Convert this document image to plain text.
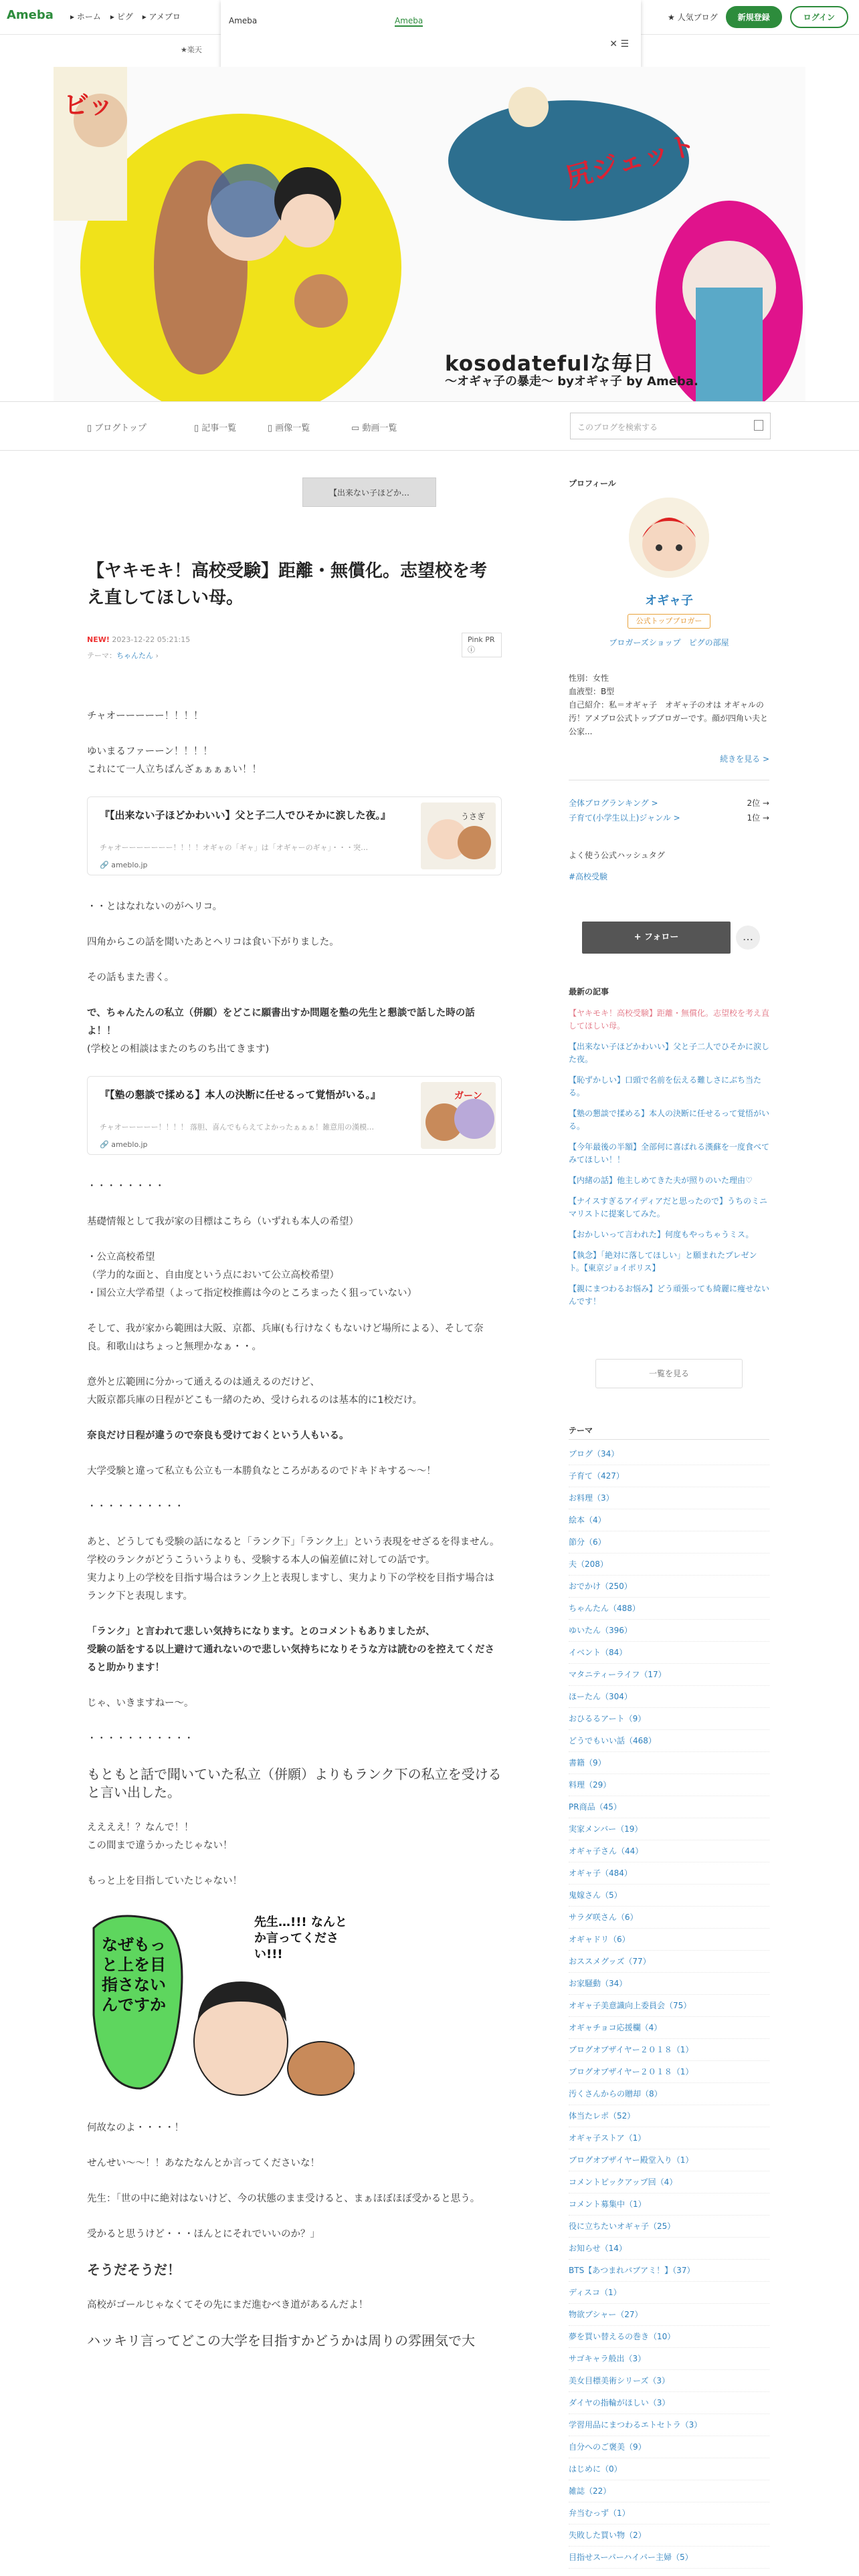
Ameba ▸ ホーム ▸ ピグ ▸ アメブロ	★ 人気ブログ	新規登録	ログイン
★楽天
Ameba	Ameba
✕ ☰
尻ジェット
ビッ
kosodatefulな毎日
～オギャ子の暴走～ byオギャ子 by Ameba.
▯ ブログトップ	▯ 記事一覧	▯ 画像一覧	▭ 動画一覧	このブログを検索する
【出来ない子ほどか…
【ヤキモキ！高校受験】距離・無償化。志望校を考え直してほしい母。
NEW! 2023-12-22 05:21:15	Pink PR ⓘ
テーマ：ちゃんたん ›

チャオーーーーー！！！！

ゆいまるファーーン！！！！
これにて一人立ちばんざぁぁぁぁい！！

『【出来ない子ほどかわいい】父と子二人でひそかに涙した夜。』
チャオーーーーーーー！！！！オギャの「ギャ」は「オギャーのギャ」・・・突…
🔗 ameblo.jp
うさぎ

・・とはなれないのがヘリコ。

四角からこの話を聞いたあとヘリコは食い下がりました。

その話もまた書く。

で、ちゃんたんの私立（併願）をどこに願書出すか問題を塾の先生と懇談で話した時の話よ！！

(学校との相談はまたのちのち出てきます)

『【塾の懇談で揉める】本人の決断に任せるって覚悟がいる。』
チャオーーーーー！！！！ 落胆、喜んでもらえてよかったぁぁぁ！雑意用の漢模…
🔗 ameblo.jp
ガーン

・・・・・・・・

基礎情報として我が家の目標はこちら（いずれも本人の希望）

・公立高校希望
（学力的な面と、自由度という点において公立高校希望）
・国公立大学希望（よって指定校推薦は今のところまったく狙っていない）

そして、我が家から範囲は大阪、京都、兵庫(も行けなくもないけど場所による）、そして奈良。和歌山はちょっと無理かなぁ・・。

意外と広範囲に分かって通えるのは通えるのだけど、

大阪京都兵庫の日程がどこも一緒のため、受けられるのは基本的に1校だけ。

奈良だけ日程が違うので奈良も受けておくという人もいる。

大学受験と違って私立も公立も一本勝負なところがあるのでドキドキする〜〜！

・・・・・・・・・・

あと、どうしても受験の話になると「ランク下」「ランク上」という表現をせざるを得ません。
学校のランクがどうこういうよりも、受験する本人の偏差値に対しての話です。
実力より上の学校を目指す場合はランク上と表現しますし、実力より下の学校を目指す場合はランク下と表現します。

「ランク」と言われて悲しい気持ちになります。とのコメントもありましたが、
受験の話をする以上避けて通れないので悲しい気持ちになりそうな方は読むのを控えてくださると助かります！

じゃ、いきますねー〜。

・・・・・・・・・・・

もともと話で聞いていた私立（併願）よりもランク下の私立を受けると言い出した。

ええええ！？なんで！！
この間まで違うかったじゃない！

もっと上を目指していたじゃない！

なぜもっと上を目指さないんですか
先生…!!! なんとか言ってください!!!

何故なのよ・・・・！

せんせい〜〜！！あなたなんとか言ってくださいな！

先生：「世の中に絶対はないけど、今の状態のまま受けると、まぁほぼほぼ受かると思う。

受かると思うけど・・・ほんとにそれでいいのか？」

そうだそうだ！

高校がゴールじゃなくてその先にまだ進むべき道があるんだよ！

ハッキリ言ってどこの大学を目指すかどうかは周りの雰囲気で大

プロフィール
オギャ子
公式トップブロガー
ブロガーズショップ　ピグの部屋
性別：女性
血液型：B型
自己紹介：私＝オギャ子　オギャ子のオは オギャルの汚！アメブロ公式トップブロガーです。顔が四角い夫と 公家...
続きを見る >
全体ブログランキング >	2位 →
子育て(小学生以上)ジャンル >	1位 →
よく使う公式ハッシュタグ
#高校受験
+ フォロー	…
最新の記事
【ヤキモキ！高校受験】距離・無償化。志望校を考え直してほしい母。
【出来ない子ほどかわいい】父と子二人でひそかに涙した夜。
【恥ずかしい】口頭で名前を伝える難しさにぶち当たる。
【塾の懇談で揉める】本人の決断に任せるって覚悟がいる。
【今年最後の半額】全部何に喜ばれる漢蘇を一度食べてみてほしい！！
【内緒の話】他主しめてきた夫が照りのいた理由♡
【ナイスすぎるアイディアだと思ったので】うちのミニマリストに提案してみた。
【おかしいって言われた】何度もやっちゃうミス。
【執念】「絶対に落してほしい」と願まれたプレゼント。【東京ジョイポリス】
【親にまつわるお悩み】どう頑張っても綺麗に痩せないんです！
一覧を見る
テーマ
ブログ（34）
子育て（427）
お料理（3）
絵本（4）
節分（6）
夫（208）
おでかけ（250）
ちゃんたん（488）
ゆいたん（396）
イベント（84）
マタニティーライフ（17）
ほーたん（304）
おひるるアート（9）
どうでもいい話（468）
書籍（9）
料理（29）
PR商品（45）
実家メンバー（19）
オギャ子さん（44）
オギャ子（484）
鬼嫁さん（5）
サラダ咲さん（6）
オギャドリ（6）
おススメグッズ（77）
お家騒動（34）
オギャ子美意識向上委員会（75）
オギャチョコ応援欄（4）
ブログオブザイヤー２０１８（1）
ブログオブザイヤー２０１８（1）
汚くさんからの贈却（8）
体当たレポ（52）
オギャ子ストア（1）
ブログオブザイヤー殿堂入り（1）
コメントピックアップ回（4）
コメント募集中（1）
役に立ちたいオギャ子（25）
お知らせ（14）
BTS【あつまれバブアミ！】（37）
ディスコ（1）
物欲ブシャー（27）
夢を買い替えるの巻き（10）
サゴキャラ般出（3）
美女目標美術シリーズ（3）
ダイヤの指輪がほしい（3）
学習用品にまつわるエトセトラ（3）
自分へのご褒美（9）
はじめに（0）
雑誌（22）
弁当むっず（1）
失敗した買い物（2）
目指せスーパーハイパー主婦（5）
